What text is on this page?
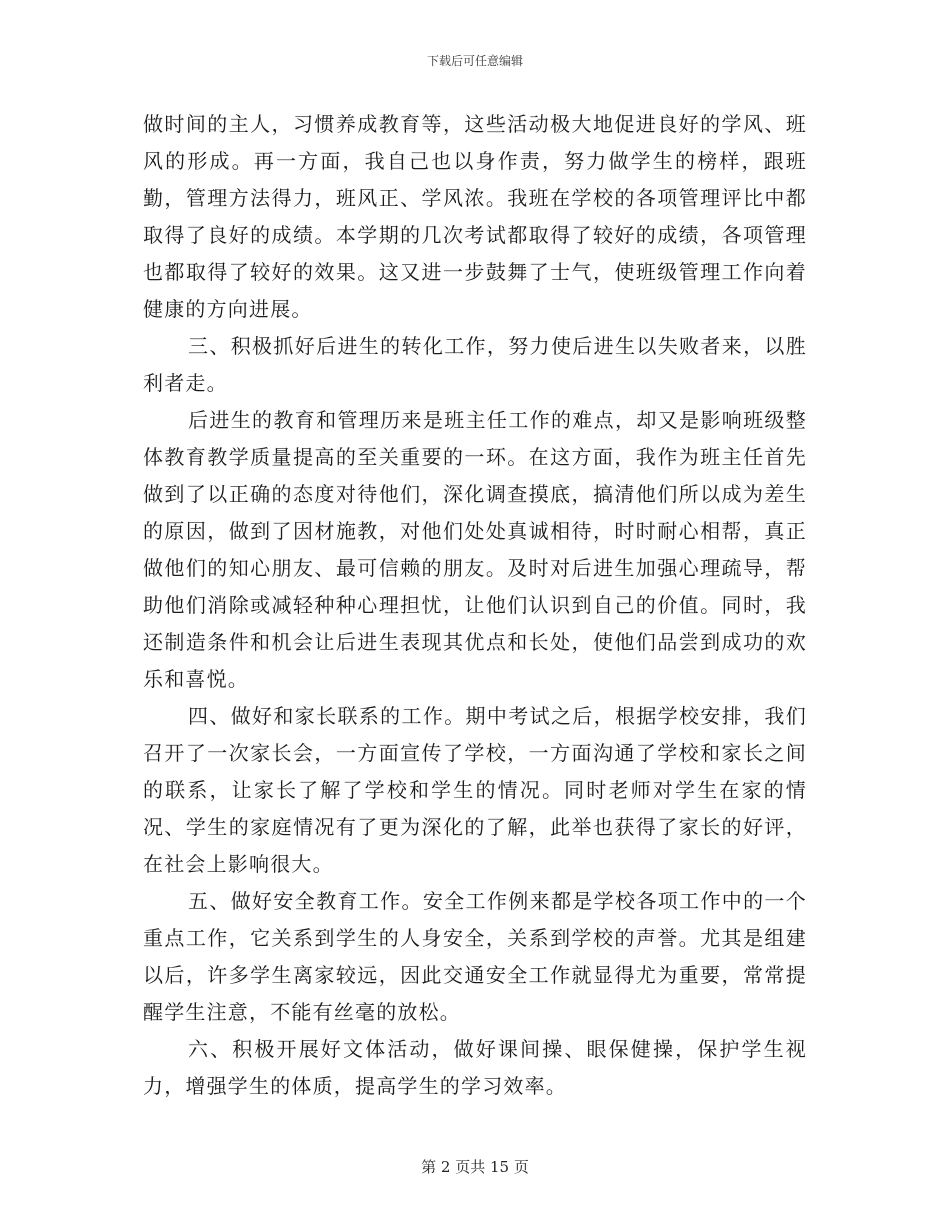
下载后可任意编辑

做时间的主人，习惯养成教育等，这些活动极大地促进良好的学风、班风的形成。再一方面，我自己也以身作责，努力做学生的榜样，跟班勤，管理方法得力，班风正、学风浓。我班在学校的各项管理评比中都取得了良好的成绩。本学期的几次考试都取得了较好的成绩，各项管理也都取得了较好的效果。这又进一步鼓舞了士气，使班级管理工作向着健康的方向进展。

三、积极抓好后进生的转化工作，努力使后进生以失败者来，以胜利者走。

后进生的教育和管理历来是班主任工作的难点，却又是影响班级整体教育教学质量提高的至关重要的一环。在这方面，我作为班主任首先做到了以正确的态度对待他们，深化调查摸底，搞清他们所以成为差生的原因，做到了因材施教，对他们处处真诚相待，时时耐心相帮，真正做他们的知心朋友、最可信赖的朋友。及时对后进生加强心理疏导，帮助他们消除或减轻种种心理担忧，让他们认识到自己的价值。同时，我还制造条件和机会让后进生表现其优点和长处，使他们品尝到成功的欢乐和喜悦。

四、做好和家长联系的工作。期中考试之后，根据学校安排，我们召开了一次家长会，一方面宣传了学校，一方面沟通了学校和家长之间的联系，让家长了解了学校和学生的情况。同时老师对学生在家的情况、学生的家庭情况有了更为深化的了解，此举也获得了家长的好评，在社会上影响很大。

五、做好安全教育工作。安全工作例来都是学校各项工作中的一个重点工作，它关系到学生的人身安全，关系到学校的声誉。尤其是组建以后，许多学生离家较远，因此交通安全工作就显得尤为重要，常常提醒学生注意，不能有丝毫的放松。

六、积极开展好文体活动，做好课间操、眼保健操，保护学生视力，增强学生的体质，提高学生的学习效率。

第 2 页共 15 页
